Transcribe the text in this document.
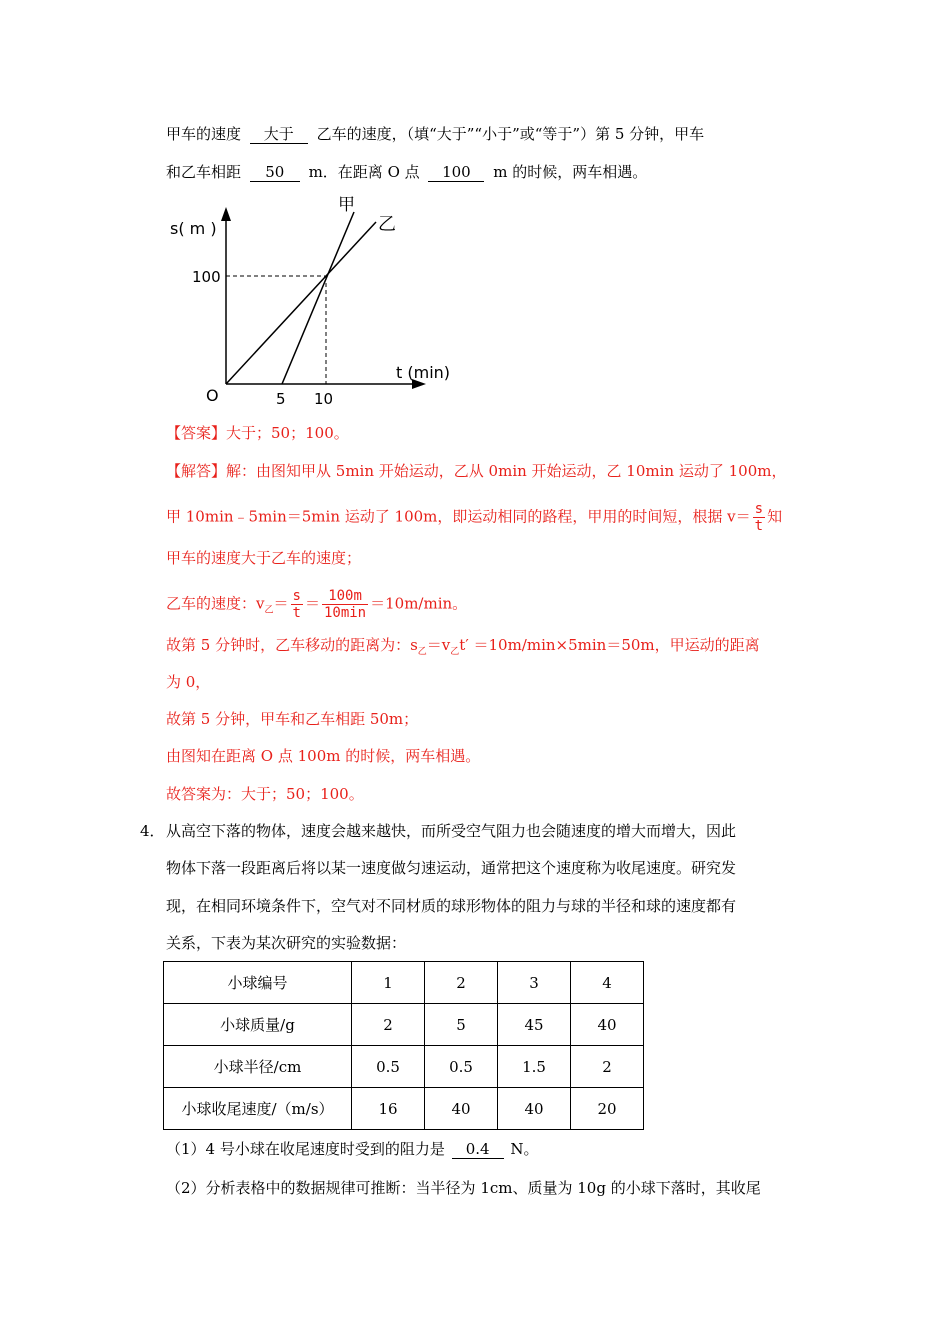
甲车的速度 大于 乙车的速度，（填“大于”“小于”或“等于”）第 5 分钟，甲车
和乙车相距 50 m．在距离 O 点 100 m 的时候，两车相遇。
s( m )
100
t (min)
5 10
O
甲
乙
【答案】大于；50；100。
【解答】解：由图知甲从 5min 开始运动，乙从 0min 开始运动，乙 10min 运动了 100m，
甲 10min﹣5min＝5min 运动了 100m，即运动相同的路程，甲用的时间短，根据 $v= \frac{s}{t}$ 知
甲车的速度大于乙车的速度；
乙车的速度：$v_乙= \frac{s}{t} = \frac{100m}{10\min} =10m/\min$。
故第 5 分钟时，乙车移动的距离为：$s_乙=v_乙t' =10m/\min\times 5\min=50m$，甲运动的距离
为 0，
故第 5 分钟，甲车和乙车相距 50m；
由图知在距离 O 点 100m 的时候，两车相遇。
故答案为：大于；50；100。
4． 从高空下落的物体，速度会越来越快，而所受空气阻力也会随速度的增大而增大，因此
物体下落一段距离后将以某一速度做匀速运动，通常把这个速度称为收尾速度。研究发
现，在相同环境条件下，空气对不同材质的球形物体的阻力与球的半径和球的速度都有
关系，下表为某次研究的实验数据：
小球编号	1	2	3	4
小球质量/g	2	5	45	40
小球半径/cm	0.5	0.5	1.5	2
小球收尾速度/（m/s）	16	40	40	20
（1）4 号小球在收尾速度时受到的阻力是 0.4 N。
（2）分析表格中的数据规律可推断：当半径为 1cm、质量为 10g 的小球下落时，其收尾
